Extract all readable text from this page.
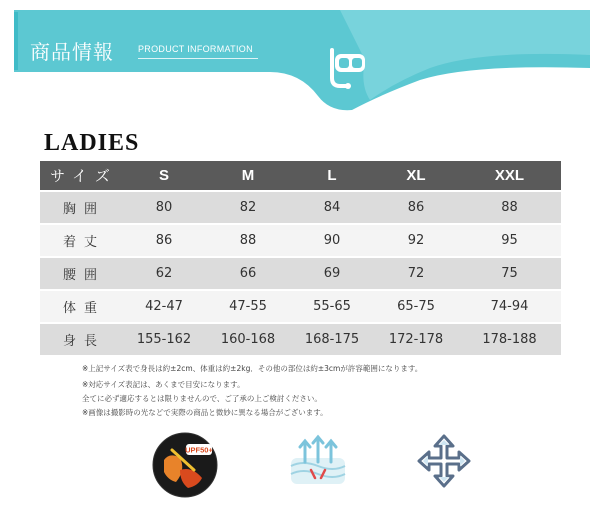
商品情報	PRODUCT INFORMATION
LADIES
サイズ	S	M	L	XL	XXL
胸囲	80	82	84	86	88
着丈	86	88	90	92	95
腰囲	62	66	69	72	75
体重	42-47	47-55	55-65	65-75	74-94
身長	155-162	160-168	168-175	172-178	178-188
※上記サイズ表で身長は約±2cm、体重は約±2kg．その他の部位は約±3cmが許容範囲になります。
※対応サイズ表記は、あくまで目安になります。
全てに必ず適応するとは限りませんので、ご了承の上ご検討ください。
※画像は撮影時の光などで実際の商品と微妙に異なる場合がございます。
UPF50+
